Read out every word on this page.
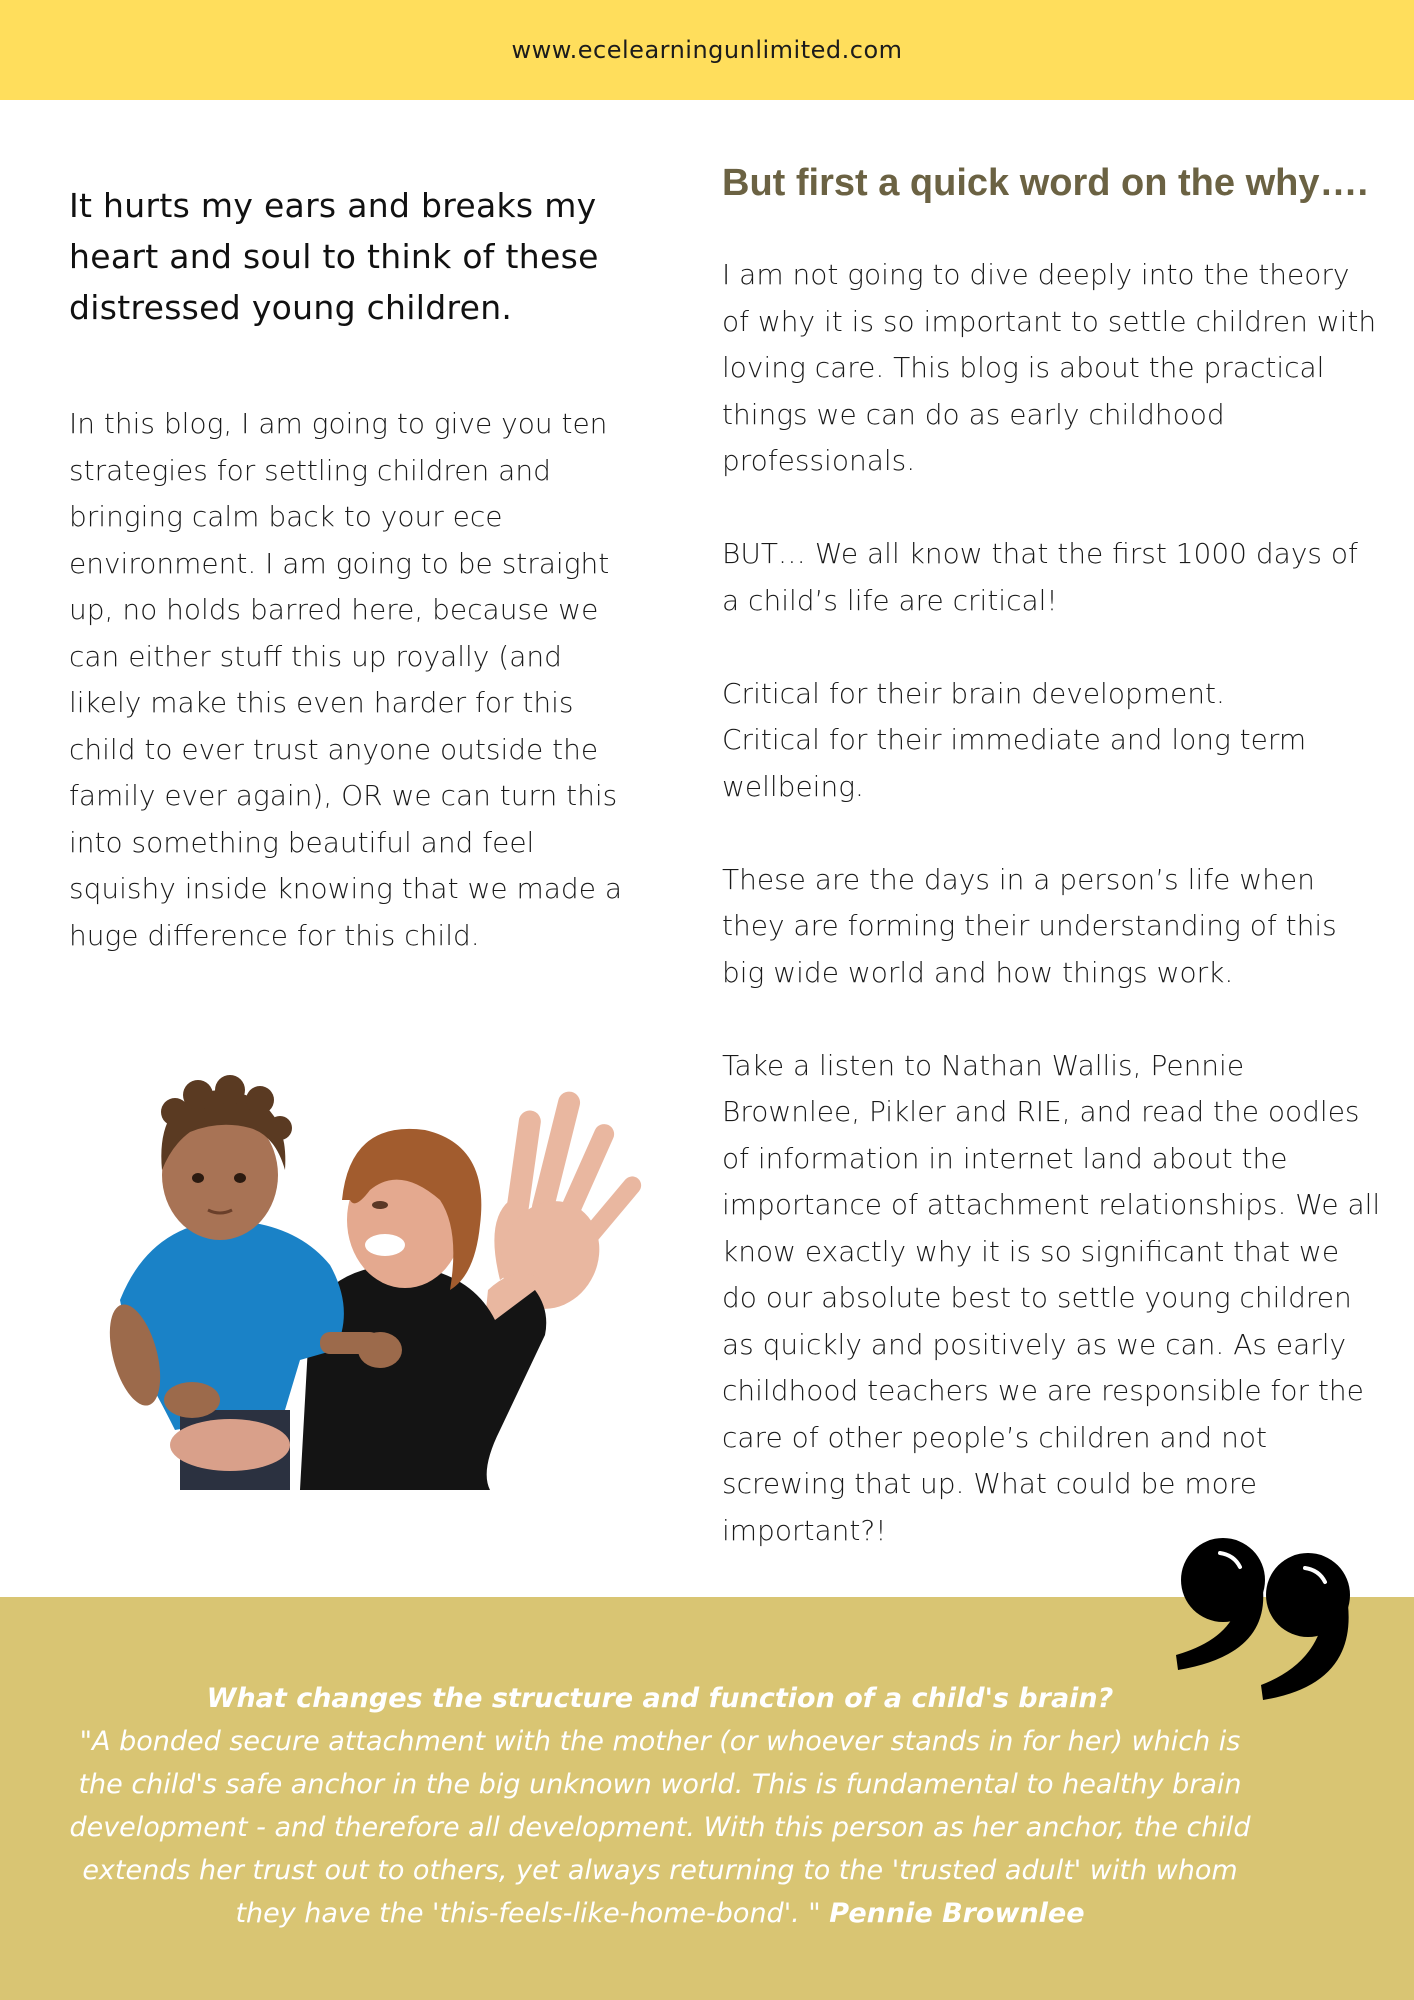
www.ecelearningunlimited.com
It hurts my ears and breaks my heart and soul to think of these distressed young children.

In this blog, I am going to give you ten strategies for settling children and bringing calm back to your ece environment. I am going to be straight up, no holds barred here, because we can either stuff this up royally (and likely make this even harder for this child to ever trust anyone outside the family ever again), OR we can turn this into something beautiful and feel squishy inside knowing that we made a huge difference for this child.

But first a quick word on the why….

I am not going to dive deeply into the theory of why it is so important to settle children with loving care. This blog is about the practical things we can do as early childhood professionals.

BUT… We all know that the first 1000 days of a child’s life are critical!

Critical for their brain development.
Critical for their immediate and long term wellbeing.

These are the days in a person’s life when they are forming their understanding of this big wide world and how things work.

Take a listen to Nathan Wallis, Pennie Brownlee, Pikler and RIE, and read the oodles of information in internet land about the importance of attachment relationships. We all know exactly why it is so significant that we do our absolute best to settle young children as quickly and positively as we can. As early childhood teachers we are responsible for the care of other people’s children and not screwing that up. What could be more important?!

What changes the structure and function of a child's brain?
"A bonded secure attachment with the mother (or whoever stands in for her) which is the child's safe anchor in the big unknown world. This is fundamental to healthy brain development - and therefore all development. With this person as her anchor, the child extends her trust out to others, yet always returning to the 'trusted adult' with whom they have the 'this-feels-like-home-bond'. " Pennie Brownlee
